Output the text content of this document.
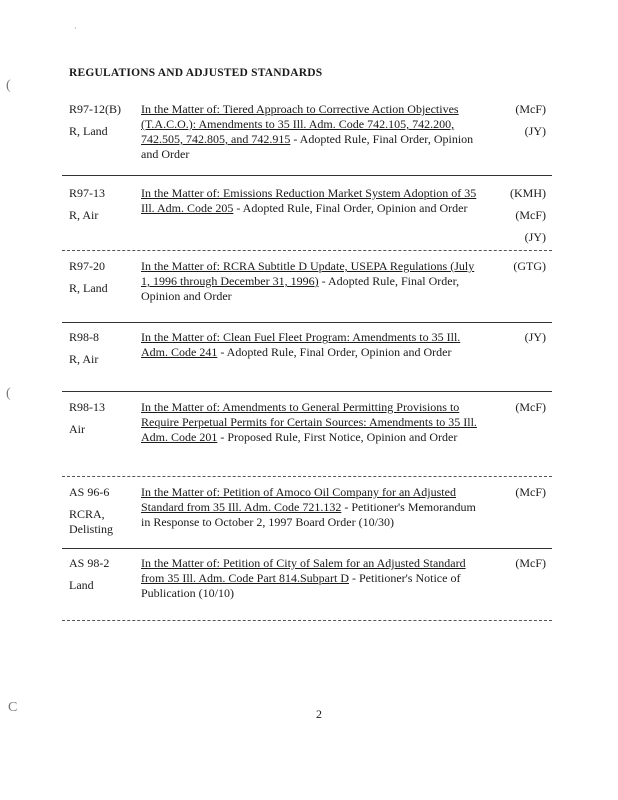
·
(
(
C
REGULATIONS AND ADJUSTED STANDARDS
R97-12(B)
R, Land
In the Matter of: Tiered Approach to Corrective Action Objectives (T.A.C.O.): Amendments to 35 Ill. Adm. Code 742.105, 742.200, 742.505, 742.805, and 742.915 - Adopted Rule, Final Order, Opinion and Order
(McF)
(JY)
R97-13
R, Air
In the Matter of: Emissions Reduction Market System Adoption of 35 Ill. Adm. Code 205 - Adopted Rule, Final Order, Opinion and Order
(KMH)
(McF)
(JY)
R97-20
R, Land
In the Matter of: RCRA Subtitle D Update, USEPA Regulations (July 1, 1996 through December 31, 1996) - Adopted Rule, Final Order, Opinion and Order
(GTG)
R98-8
R, Air
In the Matter of: Clean Fuel Fleet Program: Amendments to 35 Ill. Adm. Code 241 - Adopted Rule, Final Order, Opinion and Order
(JY)
R98-13
Air
In the Matter of: Amendments to General Permitting Provisions to Require Perpetual Permits for Certain Sources: Amendments to 35 Ill. Adm. Code 201 - Proposed Rule, First Notice, Opinion and Order
(McF)
AS 96-6
RCRA, Delisting
In the Matter of: Petition of Amoco Oil Company for an Adjusted Standard from 35 Ill. Adm. Code 721.132 - Petitioner's Memorandum in Response to October 2, 1997 Board Order (10/30)
(McF)
AS 98-2
Land
In the Matter of: Petition of City of Salem for an Adjusted Standard from 35 Ill. Adm. Code Part 814.Subpart D - Petitioner's Notice of Publication (10/10)
(McF)
2
